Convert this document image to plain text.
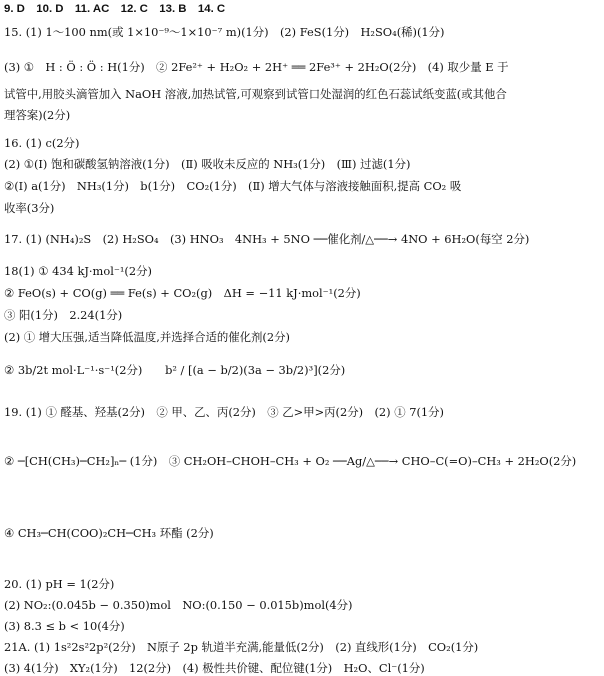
9. D　10. D　11. AC　12. C　13. B　14. C
15. (1) 1～100 nm(或 1×10⁻⁹～1×10⁻⁷ m)(1分)　(2) FeS(1分)　H₂SO₄(稀)(1分)
(3) ①　H : Ö : Ö : H(1分)　② 2Fe²⁺ + H₂O₂ + 2H⁺ ══ 2Fe³⁺ + 2H₂O(2分)　(4) 取少量 E 于
试管中,用胶头滴管加入 NaOH 溶液,加热试管,可观察到试管口处湿润的红色石蕊试纸变蓝(或其他合
理答案)(2分)
16. (1) c(2分)
(2) ①(Ⅰ) 饱和碳酸氢钠溶液(1分)　(Ⅱ) 吸收未反应的 NH₃(1分)　(Ⅲ) 过滤(1分)
②(Ⅰ) a(1分)　NH₃(1分)　b(1分)　CO₂(1分)　(Ⅱ) 增大气体与溶液接触面积,提高 CO₂ 吸
收率(3分)
17. (1) (NH₄)₂S　(2) H₂SO₄　(3) HNO₃　4NH₃ + 5NO ──催化剂/△──→ 4NO + 6H₂O(每空 2分)
18(1) ① 434 kJ·mol⁻¹(2分)
② FeO(s) + CO(g) ══ Fe(s) + CO₂(g)　ΔH = −11 kJ·mol⁻¹(2分)
③ 阳(1分)　2.24(1分)
(2) ① 增大压强,适当降低温度,并选择合适的催化剂(2分)
② 3b/2t mol·L⁻¹·s⁻¹(2分)　　b² / [(a − b/2)(3a − 3b/2)³](2分)
19. (1) ① 醛基、羟基(2分)　② 甲、乙、丙(2分)　③ 乙>甲>丙(2分)　(2) ① 7(1分)
② ─[CH(CH₃)─CH₂]ₙ─ (1分)　③ CH₂OH–CHOH–CH₃ + O₂ ──Ag/△──→ CHO–C(=O)–CH₃ + 2H₂O(2分)
④ CH₃─CH(COO)₂CH─CH₃ 环酯 (2分)
20. (1) pH = 1(2分)
(2) NO₂:(0.045b − 0.350)mol　NO:(0.150 − 0.015b)mol(4分)
(3) 8.3 ≤ b < 10(4分)
21A. (1) 1s²2s²2p²(2分)　N原子 2p 轨道半充满,能量低(2分)　(2) 直线形(1分)　CO₂(1分)
(3) 4(1分)　XY₂(1分)　12(2分)　(4) 极性共价键、配位键(1分)　H₂O、Cl⁻(1分)
